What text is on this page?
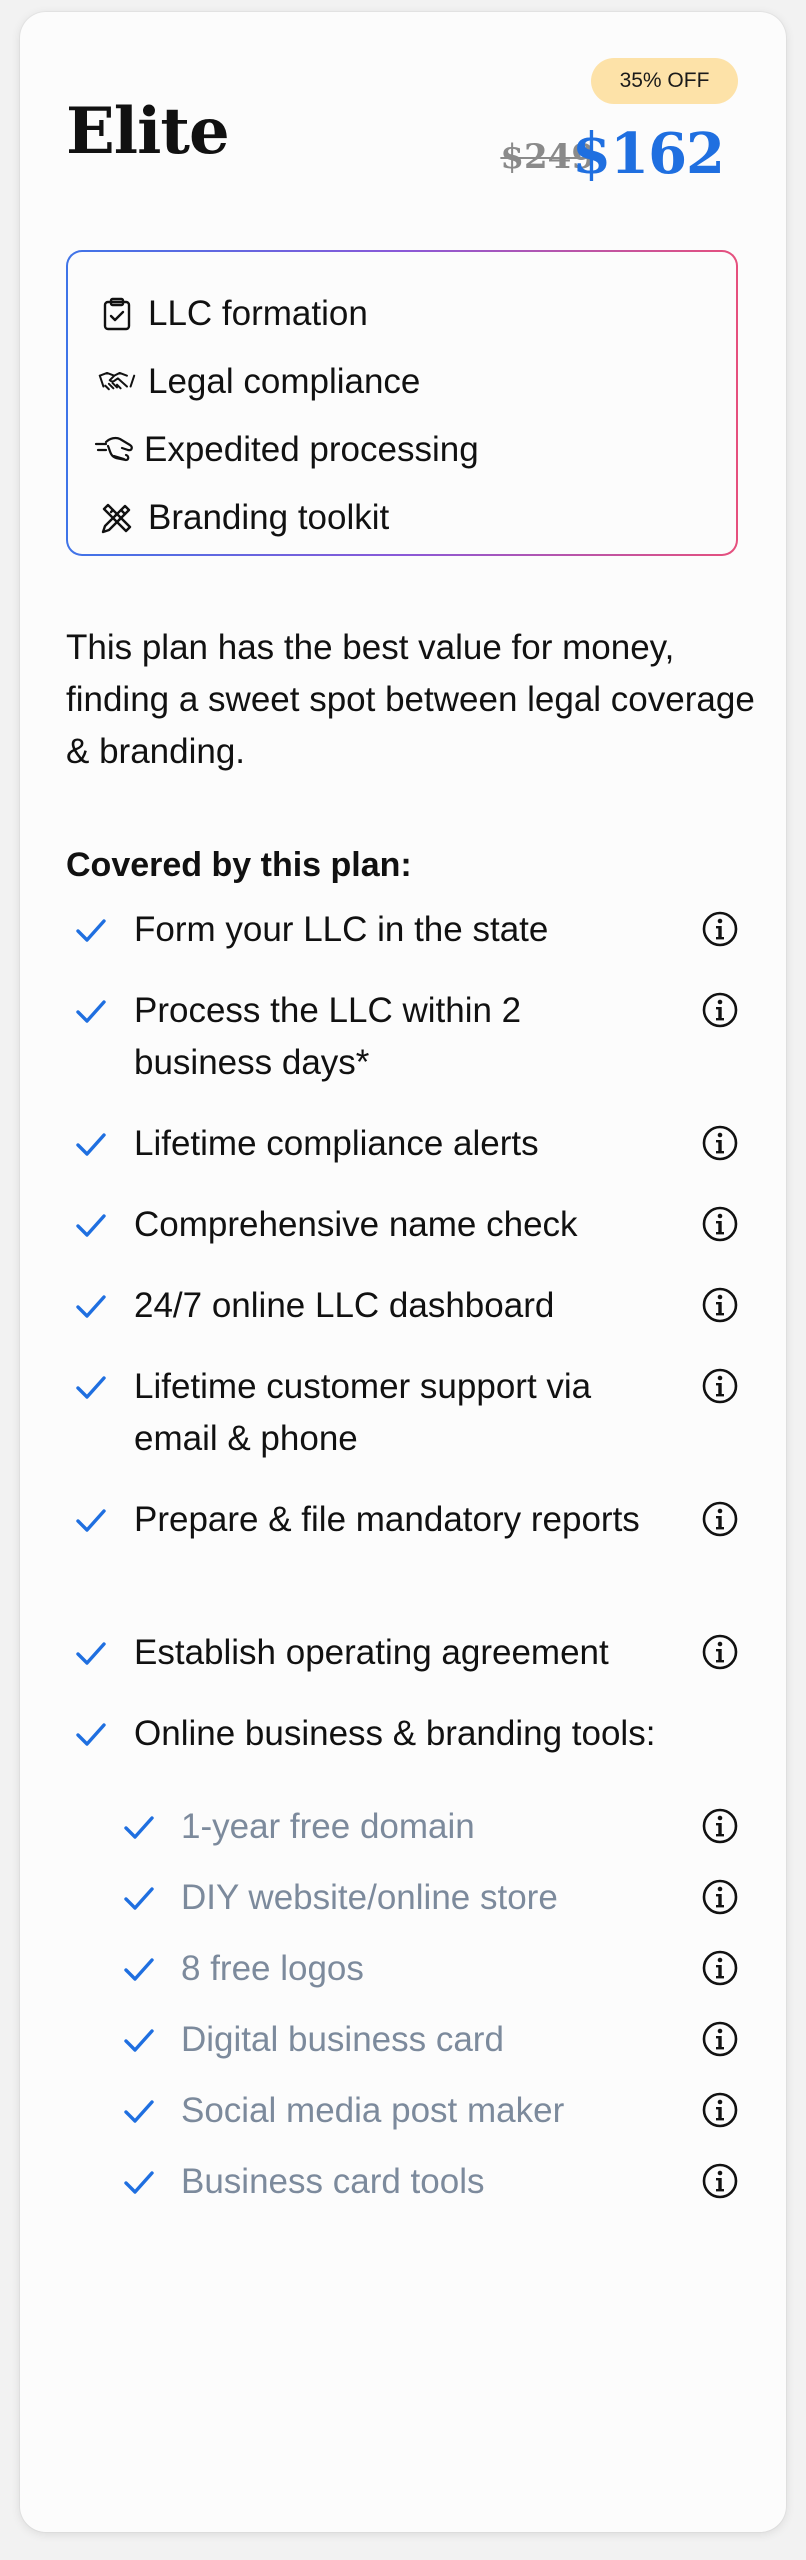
35% OFF
Elite	$249
$162
LLC formation
Legal compliance
Expedited processing
Branding toolkit
This plan has the best value for money, finding a sweet spot between legal coverage & branding.
Covered by this plan:
Form your LLC in the state
Process the LLC within 2 business days*
Lifetime compliance alerts
Comprehensive name check
24/7 online LLC dashboard
Lifetime customer support via email & phone
Prepare & file mandatory reports
Establish operating agreement
Online business & branding tools:
1-year free domain
DIY website/online store
8 free logos
Digital business card
Social media post maker
Business card tools
